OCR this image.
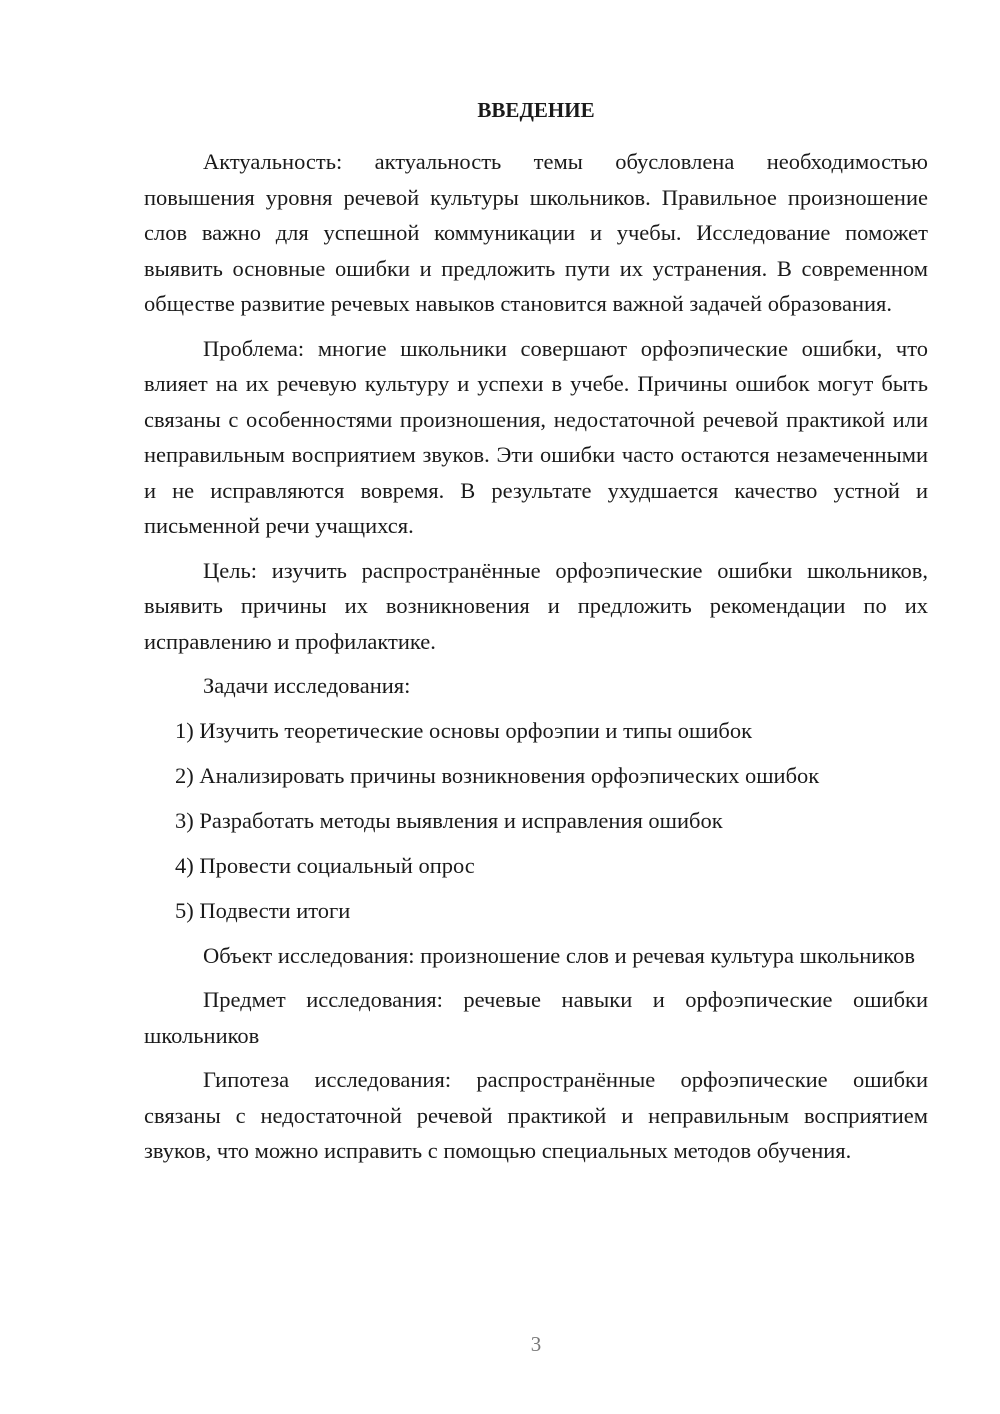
ВВЕДЕНИЕ

Актуальность: актуальность темы обусловлена необходимостью повышения уровня речевой культуры школьников. Правильное произношение слов важно для успешной коммуникации и учебы. Исследование поможет выявить основные ошибки и предложить пути их устранения. В современном обществе развитие речевых навыков становится важной задачей образования.

Проблема: многие школьники совершают орфоэпические ошибки, что влияет на их речевую культуру и успехи в учебе. Причины ошибок могут быть связаны с особенностями произношения, недостаточной речевой практикой или неправильным восприятием звуков. Эти ошибки часто остаются незамеченными и не исправляются вовремя. В результате ухудшается качество устной и письменной речи учащихся.

Цель: изучить распространённые орфоэпические ошибки школьников, выявить причины их возникновения и предложить рекомендации по их исправлению и профилактике.

Задачи исследования:

1) Изучить теоретические основы орфоэпии и типы ошибок
2) Анализировать причины возникновения орфоэпических ошибок
3) Разработать методы выявления и исправления ошибок
4) Провести социальный опрос
5) Подвести итоги

Объект исследования: произношение слов и речевая культура школьников

Предмет исследования: речевые навыки и орфоэпические ошибки школьников

Гипотеза исследования: распространённые орфоэпические ошибки связаны с недостаточной речевой практикой и неправильным восприятием звуков, что можно исправить с помощью специальных методов обучения.

3
